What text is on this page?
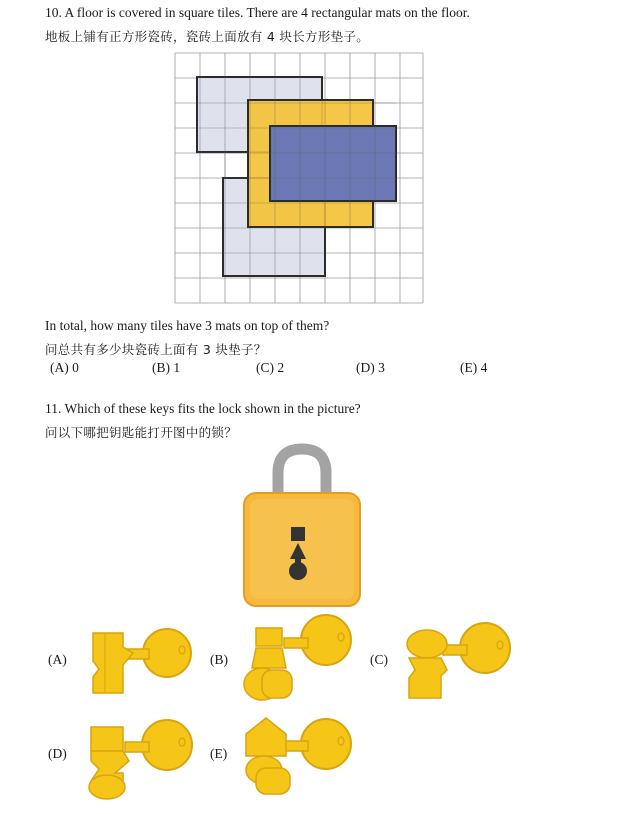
10. A floor is covered in square tiles. There are 4 rectangular mats on the floor.
地板上铺有正方形瓷砖，瓷砖上面放有 4 块长方形垫子。
In total, how many tiles have 3 mats on top of them?
问总共有多少块瓷砖上面有 3 块垫子？
(A) 0	(B) 1	(C) 2	(D) 3	(E) 4
11. Which of these keys fits the lock shown in the picture?
问以下哪把钥匙能打开图中的锁？
(A)	(B)	(C)
(D)	(E)
